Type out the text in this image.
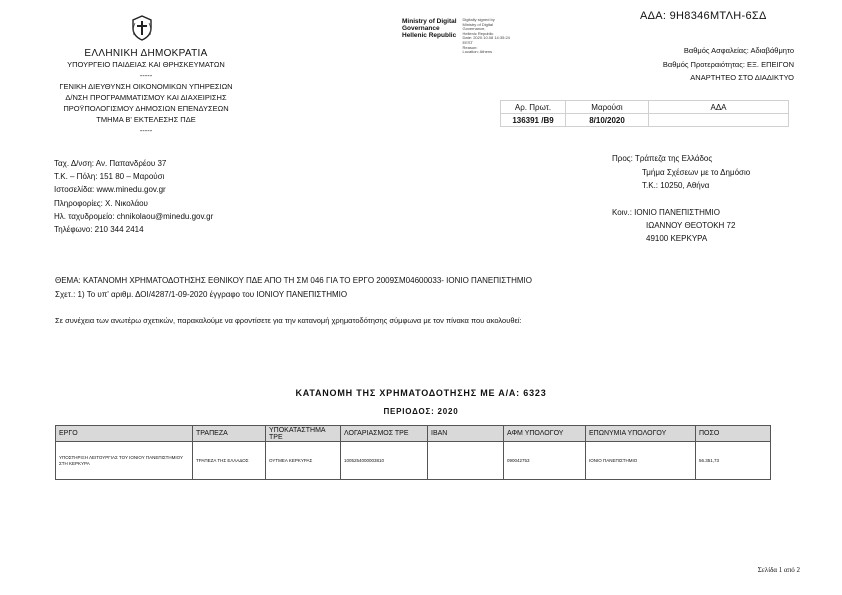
ΕΛΛΗΝΙΚΗ ΔΗΜΟΚΡΑΤΙΑ
ΥΠΟΥΡΓΕΙΟ ΠΑΙΔΕΙΑΣ ΚΑΙ ΘΡΗΣΚΕΥΜΑΤΩΝ
-----
ΓΕΝΙΚΗ ΔΙΕΥΘΥΝΣΗ ΟΙΚΟΝΟΜΙΚΩΝ ΥΠΗΡΕΣΙΩΝ
Δ/ΝΣΗ ΠΡΟΓΡΑΜΜΑΤΙΣΜΟΥ ΚΑΙ ΔΙΑΧΕΙΡΙΣΗΣ
ΠΡΟΫΠΟΛΟΓΙΣΜΟΥ ΔΗΜΟΣΙΩΝ ΕΠΕΝΔΥΣΕΩΝ
ΤΜΗΜΑ Β' ΕΚΤΕΛΕΣΗΣ ΠΔΕ
-----
Ταχ. Δ/νση: Αν. Παπανδρέου 37
Τ.Κ. – Πόλη: 151 80 – Μαρούσι
Ιστοσελίδα: www.minedu.gov.gr
Πληροφορίες: Χ. Νικολάου
Ηλ. ταχυδρομείο: chnikolaou@minedu.gov.gr
Τηλέφωνο: 210 344 2414
Ministry of Digital
Governance
Hellenic Republic
Digitally signed by
Ministry of Digital
Governance,
Hellenic Republic
Date: 2020.10.08 14:35:24
EEST
Reason:
Location: Athens
ΑΔΑ: 9Η8346ΜΤΛΗ-6ΣΔ
Βαθμός Ασφαλείας: Αδιαβάθμητο
Βαθμός Προτεραιότητας: ΕΞ. ΕΠΕΙΓΟΝ
ΑΝΑΡΤΗΤΕΟ ΣΤΟ ΔΙΑΔΙΚΤΥΟ
Αρ. Πρωτ.	Μαρούσι	ΑΔΑ
136391 /Β9	8/10/2020	
Προς: Τράπεζα της Ελλάδος
Τμήμα Σχέσεων με το Δημόσιο
Τ.Κ.: 10250, Αθήνα
Κοιν.: ΙΟΝΙΟ ΠΑΝΕΠΙΣΤΗΜΙΟ
ΙΩΑΝΝΟΥ ΘΕΟΤΟΚΗ 72
49100 ΚΕΡΚΥΡΑ
ΘΕΜΑ: ΚΑΤΑΝΟΜΗ ΧΡΗΜΑΤΟΔΟΤΗΣΗΣ ΕΘΝΙΚΟΥ ΠΔΕ ΑΠΟ ΤΗ ΣΜ 046 ΓΙΑ ΤΟ ΕΡΓΟ 2009ΣΜ04600033- ΙΟΝΙΟ ΠΑΝΕΠΙΣΤΗΜΙΟ
Σχετ.: 1) Το υπ' αριθμ. ΔΟΙ/4287/1-09-2020 έγγραφο του ΙΟΝΙΟΥ ΠΑΝΕΠΙΣΤΗΜΙΟ
Σε συνέχεια των ανωτέρω σχετικών, παρακαλούμε να φροντίσετε για την κατανομή χρηματοδότησης σύμφωνα με τον πίνακα που ακολουθεί:
ΚΑΤΑΝΟΜΗ ΤΗΣ ΧΡΗΜΑΤΟΔΟΤΗΣΗΣ ΜΕ Α/Α: 6323
ΠΕΡΙΟΔΟΣ: 2020
ΕΡΓΟ	ΤΡΑΠΕΖΑ	ΥΠΟΚΑΤΑΣΤΗΜΑ ΤΡΕ	ΛΟΓΑΡΙΑΣΜΟΣ ΤΡΕ	IBAN	ΑΦΜ ΥΠΟΛΟΓΟΥ	ΕΠΩΝΥΜΙΑ ΥΠΟΛΟΓΟΥ	ΠΟΣΟ
ΥΠΟΣΤΗΡΙΞΗ ΛΕΙΤΟΥΡΓΙΑΣ ΤΟΥ ΙΟΝΙΟΥ ΠΑΝΕΠΙΣΤΗΜΙΟΥ ΣΤΗ ΚΕΡΚΥΡΑ	ΤΡΑΠΕΖΑ ΤΗΣ ΕΛΛΑΔΟΣ	ΟΥΤΜΕΑ ΚΕΡΚΥΡΑΣ	1005254000003810		090042753	ΙΟΝΙΟ ΠΑΝΕΠΙΣΤΗΜΙΟ	56.351,73
Σελίδα 1 από 2
